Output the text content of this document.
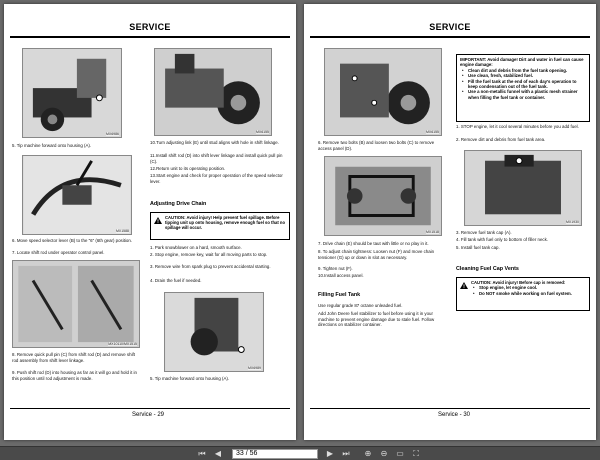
SERVICE
MX6986
5. Tip machine forward onto housing (A).
MX1588
6. Move speed selector lever (B) to the "6" (6th gear) position.
7. Locate shift rod under operator control panel.
MX10110/MX1515
8. Remove quick pull pin (C) from shift rod (D) and remove shift rod assembly from shift lever linkage.
9. Push shift rod (D) into housing as far as it will go and hold it in this position until rod adjustment is made.
MX6155
10.Turn adjusting link (E) until stud aligns with hole in shift linkage.
11.Install shift rod (D) into shift lever linkage and install quick pull pin (C).
12.Return unit to its operating position.
13.Start engine and check for proper operation of the speed selector lever.
Adjusting Drive Chain
CAUTION: Avoid injury! Help prevent fuel spillage. Before tipping unit up onto housing, remove enough fuel so that no spillage will occur.
1. Park snowblower on a hard, smooth surface.
2. Stop engine, remove key, wait for all moving parts to stop.
3. Remove wire from spark plug to prevent accidental starting.
4. Drain the fuel if needed.
MX6989
5. Tip machine forward onto housing (A).
Service - 29
SERVICE
MX6155
6. Remove two bolts (B) and loosen two bolts (C) to remove access panel (D).
MX1518
7. Drive chain (E) should be taut with little or no play in it.
8. To adjust chain tightness: Loosen nut (F) and move chain tensioner (G) up or down in slot as necessary.
9. Tighten nut (F).
10.Install access panel.
Filling Fuel Tank
Use regular grade 87 octane unleaded fuel.
Add John Deere fuel stabilizer to fuel before using it in your machine to prevent engine damage due to stale fuel. Follow directions on stabilizer container.
IMPORTANT: Avoid damage! Dirt and water in fuel can cause engine damage:
• Clean dirt and debris from the fuel tank opening.
• Use clean, fresh, stabilized fuel.
• Fill the fuel tank at the end of each day's operation to keep condensation out of the fuel tank.
• Use a non-metallic funnel with a plastic mesh strainer when filling the fuel tank or container.
1. STOP engine, let it cool several minutes before you add fuel.
2. Remove dirt and debris from fuel tank area.
MX1930
3. Remove fuel tank cap (A).
4. Fill tank with fuel only to bottom of filler neck.
5. Install fuel tank cap.
Cleaning Fuel Cap Vents
CAUTION: Avoid injury! Before cap is removed:
• Stop engine, let engine cool.
• Do NOT smoke while working on fuel system.
Service - 30
⏮	◀	33 / 56	▶	⏭	⊕	⊖	▭	⛶
